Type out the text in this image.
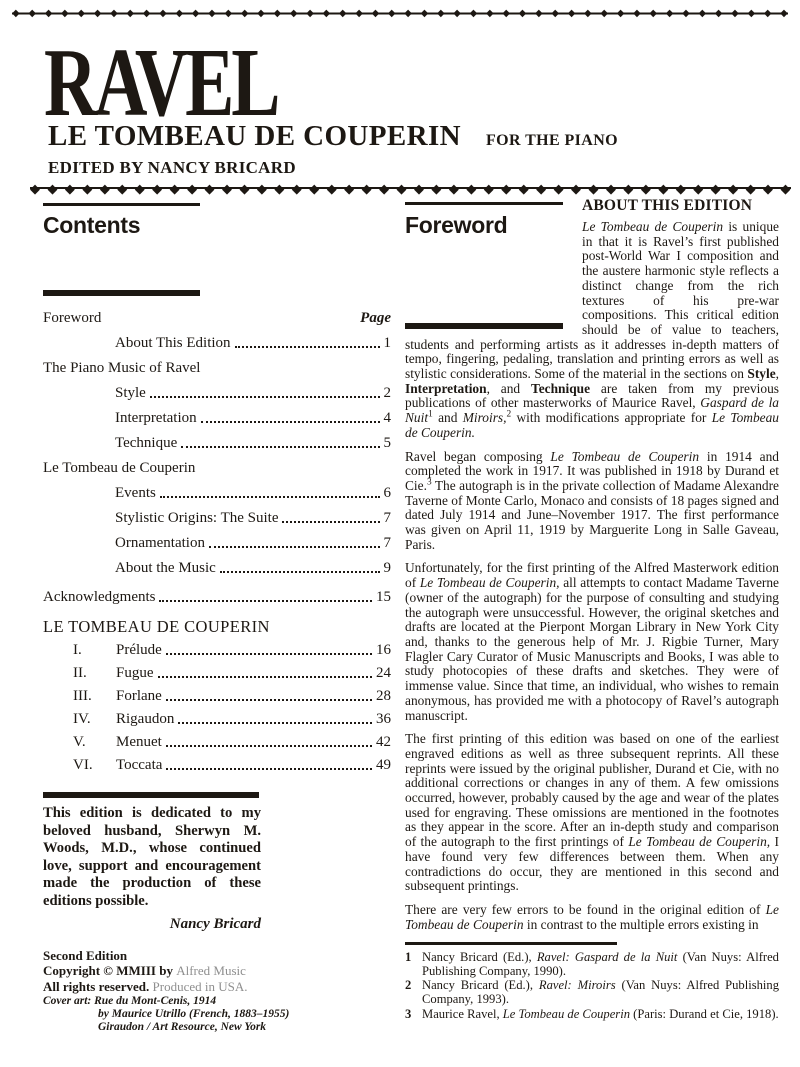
◆ ◆ ◆ ◆ ◆ ◆ ◆ ◆ ◆ ◆ ◆ ◆ ◆ ◆ ◆ ◆ ◆ ◆ ◆ ◆ ◆ ◆ ◆ ◆ ◆ ◆ ◆ ◆ ◆ ◆ ◆ ◆ ◆ ◆ ◆ ◆ ◆ ◆ ◆ ◆ ◆ ◆ ◆ ◆ ◆ ◆ ◆ ◆
RAVEL
LE TOMBEAU DE COUPERIN FOR THE PIANO
EDITED BY NANCY BRICARD
◆ ◆ ◆ ◆ ◆ ◆ ◆ ◆ ◆ ◆ ◆ ◆ ◆ ◆ ◆ ◆ ◆ ◆ ◆ ◆ ◆ ◆ ◆ ◆ ◆ ◆ ◆ ◆ ◆ ◆ ◆ ◆ ◆ ◆ ◆ ◆ ◆ ◆ ◆ ◆ ◆ ◆ ◆ ◆
Contents
Foreword	Page
About This Edition	1
The Piano Music of Ravel
Style	2
Interpretation	4
Technique	5
Le Tombeau de Couperin
Events	6
Stylistic Origins: The Suite	7
Ornamentation	7
About the Music	9
Acknowledgments	15
LE TOMBEAU DE COUPERIN
I.	Prélude	16
II.	Fugue	24
III.	Forlane	28
IV.	Rigaudon	36
V.	Menuet	42
VI.	Toccata	49

This edition is dedicated to my beloved husband, Sherwyn M. Woods, M.D., whose continued love, support and encouragement made the production of these editions possible.

Nancy Bricard
Second Edition
Copyright © MMIII by Alfred Music
All rights reserved. Produced in USA.
Cover art: Rue du Mont-Cenis, 1914
by Maurice Utrillo (French, 1883–1955)
Giraudon / Art Resource, New York
Foreword
ABOUT THIS EDITION

Le Tombeau de Couperin is unique in that it is Ravel’s first published post-World War I composition and the austere harmonic style reflects a distinct change from the rich textures of his pre-war compositions. This critical edition should be of value to teachers, students and performing artists as it addresses in-depth matters of tempo, fingering, pedaling, translation and printing errors as well as stylistic considerations. Some of the material in the sections on Style, Interpretation, and Technique are taken from my previous publications of other masterworks of Maurice Ravel, Gaspard de la Nuit$^1$ and Miroirs,$^2$ with modifications appropriate for Le Tombeau de Couperin.

Ravel began composing Le Tombeau de Couperin in 1914 and completed the work in 1917. It was published in 1918 by Durand et Cie.$^3$ The autograph is in the private collection of Madame Alexandre Taverne of Monte Carlo, Monaco and consists of 18 pages signed and dated July 1914 and June–November 1917. The first performance was given on April 11, 1919 by Marguerite Long in Salle Gaveau, Paris.

Unfortunately, for the first printing of the Alfred Masterwork edition of Le Tombeau de Couperin, all attempts to contact Madame Taverne (owner of the autograph) for the purpose of consulting and studying the autograph were unsuccessful. However, the original sketches and drafts are located at the Pierpont Morgan Library in New York City and, thanks to the generous help of Mr. J. Rigbie Turner, Mary Flagler Cary Curator of Music Manuscripts and Books, I was able to study photocopies of these drafts and sketches. They were of immense value. Since that time, an individual, who wishes to remain anonymous, has provided me with a photocopy of Ravel’s autograph manuscript.

The first printing of this edition was based on one of the earliest engraved editions as well as three subsequent reprints. All these reprints were issued by the original publisher, Durand et Cie, with no additional corrections or changes in any of them. A few omissions occurred, however, probably caused by the age and wear of the plates used for engraving. These omissions are mentioned in the footnotes as they appear in the score. After an in-depth study and comparison of the autograph to the first printings of Le Tombeau de Couperin, I have found very few differences between them. When any contradictions do occur, they are mentioned in this second and subsequent printings.

There are very few errors to be found in the original edition of Le Tombeau de Couperin in contrast to the multiple errors existing in

1 Nancy Bricard (Ed.), Ravel: Gaspard de la Nuit (Van Nuys: Alfred Publishing Company, 1990).
2 Nancy Bricard (Ed.), Ravel: Miroirs (Van Nuys: Alfred Publishing Company, 1993).
3 Maurice Ravel, Le Tombeau de Couperin (Paris: Durand et Cie, 1918).
